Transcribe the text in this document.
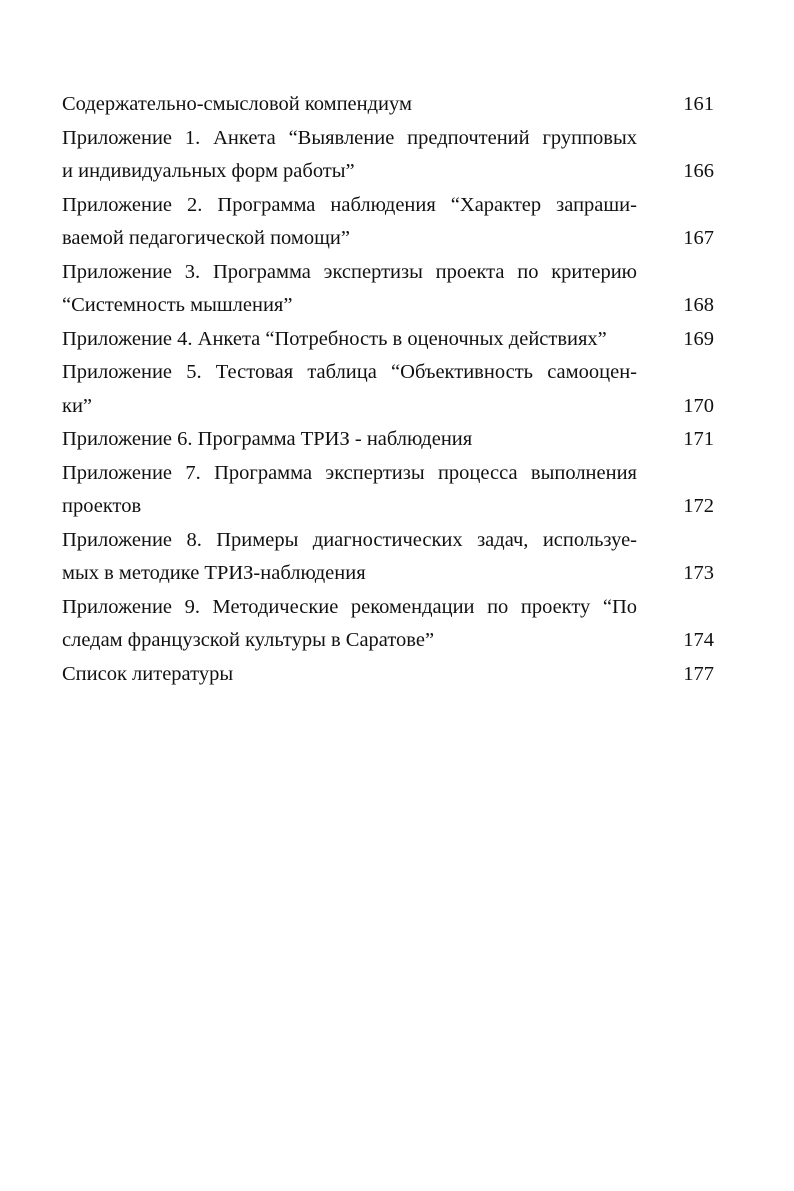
Содержательно-смысловой компендиум	161
Приложение 1. Анкета “Выявление предпочтений групповых
и индивидуальных форм работы”	166
Приложение 2. Программа наблюдения “Характер запраши-
ваемой педагогической помощи”	167
Приложение 3. Программа экспертизы проекта по критерию
“Системность мышления”	168
Приложение 4. Анкета “Потребность в оценочных действиях”	169
Приложение 5. Тестовая таблица “Объективность самооцен-
ки”	170
Приложение 6. Программа ТРИЗ - наблюдения	171
Приложение 7. Программа экспертизы процесса выполнения
проектов	172
Приложение 8. Примеры диагностических задач, используе-
мых в методике ТРИЗ-наблюдения	173
Приложение 9. Методические рекомендации по проекту “По
следам французской культуры в Саратове”	174
Список литературы	177
